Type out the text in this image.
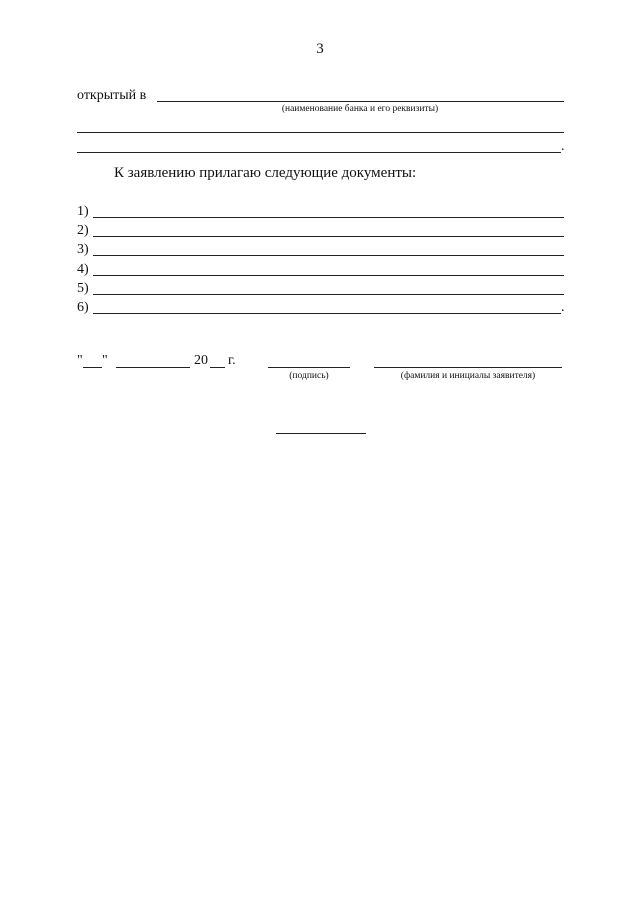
3
открытый в
(наименование банка и его реквизиты)
.
К заявлению прилагаю следующие документы:
1)
2)
3)
4)
5)
6)	.
" "	20 г.
(подпись)	(фамилия и инициалы заявителя)
